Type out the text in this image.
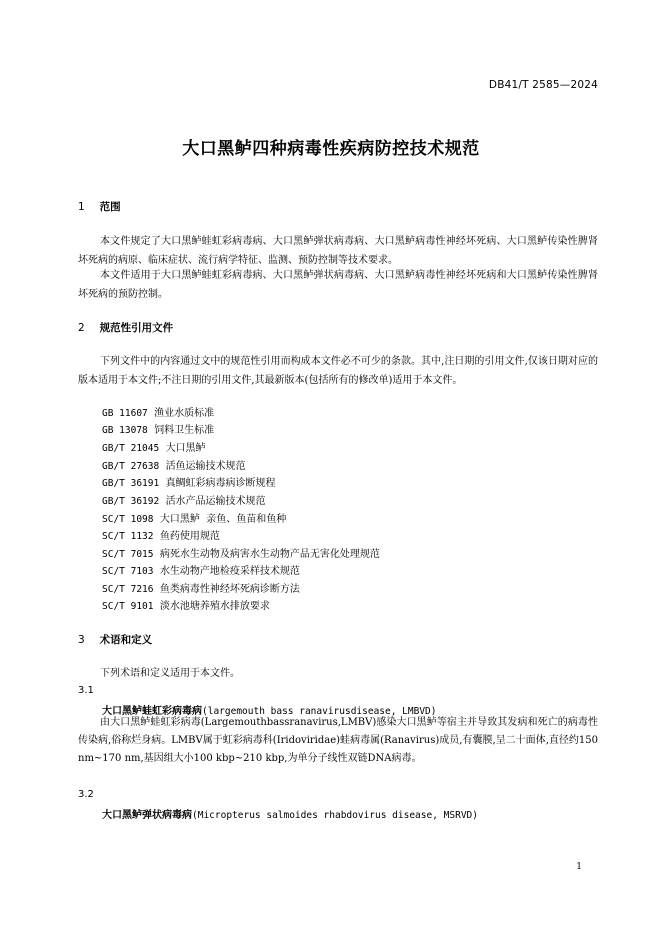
DB41/T 2585—2024
大口黑鲈四种病毒性疾病防控技术规范
1 范围
本文件规定了大口黑鲈蛙虹彩病毒病、大口黑鲈弹状病毒病、大口黑鲈病毒性神经坏死病、大口黑鲈传染性脾肾坏死病的病原、临床症状、流行病学特征、监测、预防控制等技术要求。
本文件适用于大口黑鲈蛙虹彩病毒病、大口黑鲈弹状病毒病、大口黑鲈病毒性神经坏死病和大口黑鲈传染性脾肾坏死病的预防控制。
2 规范性引用文件
下列文件中的内容通过文中的规范性引用而构成本文件必不可少的条款。其中,注日期的引用文件,仅该日期对应的版本适用于本文件;不注日期的引用文件,其最新版本(包括所有的修改单)适用于本文件。
GB 11607 渔业水质标准
GB 13078 饲料卫生标准
GB/T 21045 大口黑鲈
GB/T 27638 活鱼运输技术规范
GB/T 36191 真鲷虹彩病毒病诊断规程
GB/T 36192 活水产品运输技术规范
SC/T 1098 大口黑鲈  亲鱼、鱼苗和鱼种
SC/T 1132 鱼药使用规范
SC/T 7015 病死水生动物及病害水生动物产品无害化处理规范
SC/T 7103 水生动物产地检疫采样技术规范
SC/T 7216 鱼类病毒性神经坏死病诊断方法
SC/T 9101 淡水池塘养殖水排放要求
3 术语和定义
下列术语和定义适用于本文件。
3.1
大口黑鲈蛙虹彩病毒病(largemouth bass ranavirusdisease, LMBVD)
由大口黑鲈蛙虹彩病毒(Largemouthbassranavirus,LMBV)感染大口黑鲈等宿主并导致其发病和死亡的病毒性传染病,俗称烂身病。LMBV属于虹彩病毒科(Iridoviridae)蛙病毒属(Ranavirus)成员,有囊膜,呈二十面体,直径约150 nm~170 nm,基因组大小100 kbp~210 kbp,为单分子线性双链DNA病毒。
3.2
大口黑鲈弹状病毒病(Micropterus salmoides rhabdovirus disease, MSRVD)
1
